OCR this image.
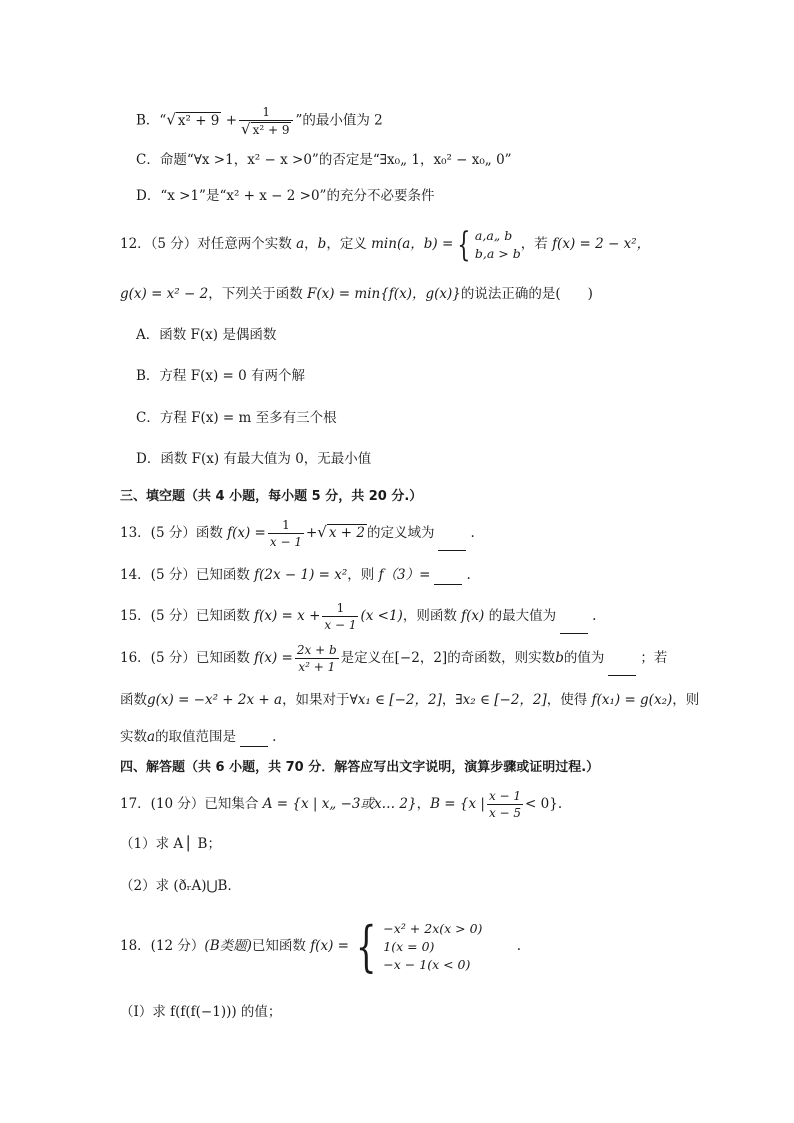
B．“√ $x^2 + 9 + \frac{1}{\text{√ x² + 9}}$ ”的最小值为 2
C．命题“∀x >1，x² − x >0”的否定是“∃x₀„ 1，x₀² − x₀„ 0”
D．“x >1”是“x² + x − 2 >0”的充分不必要条件
12．（5 分）对任意两个实数 a，b，定义 min(a，b) = { a,a„ b
b,a > b
，若 f(x) = 2 − x²，
g(x) = x² − 2，下列关于函数 F(x) = min{f(x)，g(x)}的说法正确的是(　　)
A．函数 F(x) 是偶函数
B．方程 F(x) = 0 有两个解
C．方程 F(x) = m 至多有三个根
D．函数 F(x) 有最大值为 0，无最小值
三、填空题（共 4 小题，每小题 5 分，共 20 分.）
13．(5 分）函数 $f(x) = \frac{1}{x - 1}$ +√ x + 2 的定义域为	.
14．(5 分）已知函数 f(2x − 1) = x²，则 f（3）=	.
15．(5 分）已知函数 $f(x) = x + \frac{1}{x - 1} (x <1)$，则函数 f(x) 的最大值为	.
16．(5 分）已知函数 $f(x) = \frac{2x + b}{\text{x² + 1}}$ 是定义在[−2，2]的奇函数，则实数b的值为	；若
函数g(x) = −x² + 2x + a，如果对于∀x₁ ∈ [−2，2]，∃x₂ ∈ [−2，2]，使得 f(x₁) = g(x₂)，则
实数a的取值范围是	.
四、解答题（共 6 小题，共 70 分．解答应写出文字说明，演算步骤或证明过程.）
17．(10 分）已知集合 A = {x | x„ −3或x… 2}，B = {x | $\frac{x - 1}{x - 5} < 0$}.
（1）求 A⎪ B；
（2）求 (ðᵣA)⋃B．
18．(12 分）(B类题)已知函数 f(x) = { −x² + 2x(x > 0)
1(x = 0)
−x − 1(x < 0)
.
（Ⅰ）求 f(f(f(−1))) 的值；
